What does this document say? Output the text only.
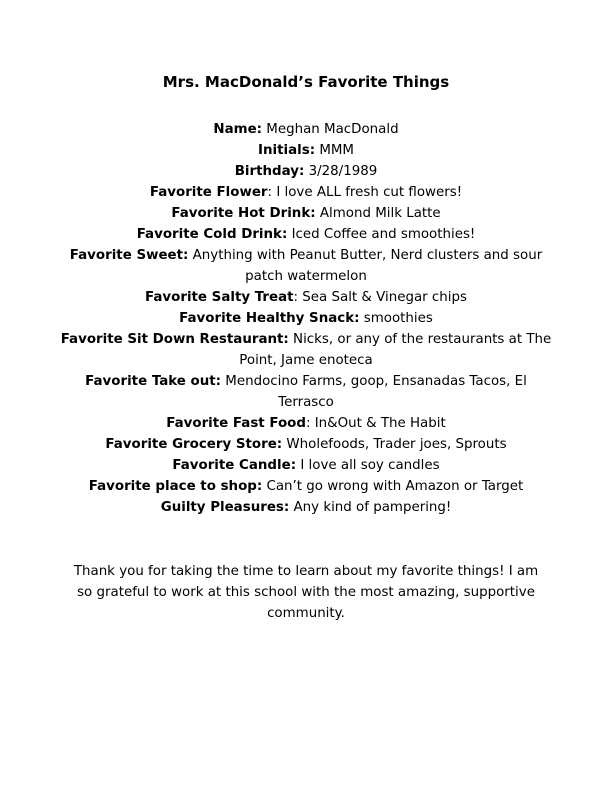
Mrs. MacDonald’s Favorite Things

Name: Meghan MacDonald

Initials: MMM

Birthday: 3/28/1989

Favorite Flower: I love ALL fresh cut flowers!

Favorite Hot Drink: Almond Milk Latte

Favorite Cold Drink: Iced Coffee and smoothies!

Favorite Sweet: Anything with Peanut Butter, Nerd clusters and sour patch watermelon

Favorite Salty Treat: Sea Salt & Vinegar chips

Favorite Healthy Snack: smoothies

Favorite Sit Down Restaurant: Nicks, or any of the restaurants at The Point, Jame enoteca

Favorite Take out: Mendocino Farms, goop, Ensanadas Tacos, El Terrasco

Favorite Fast Food: In&Out & The Habit

Favorite Grocery Store: Wholefoods, Trader joes, Sprouts

Favorite Candle: I love all soy candles

Favorite place to shop: Can’t go wrong with Amazon or Target

Guilty Pleasures: Any kind of pampering!

Thank you for taking the time to learn about my favorite things! I am so grateful to work at this school with the most amazing, supportive community.
